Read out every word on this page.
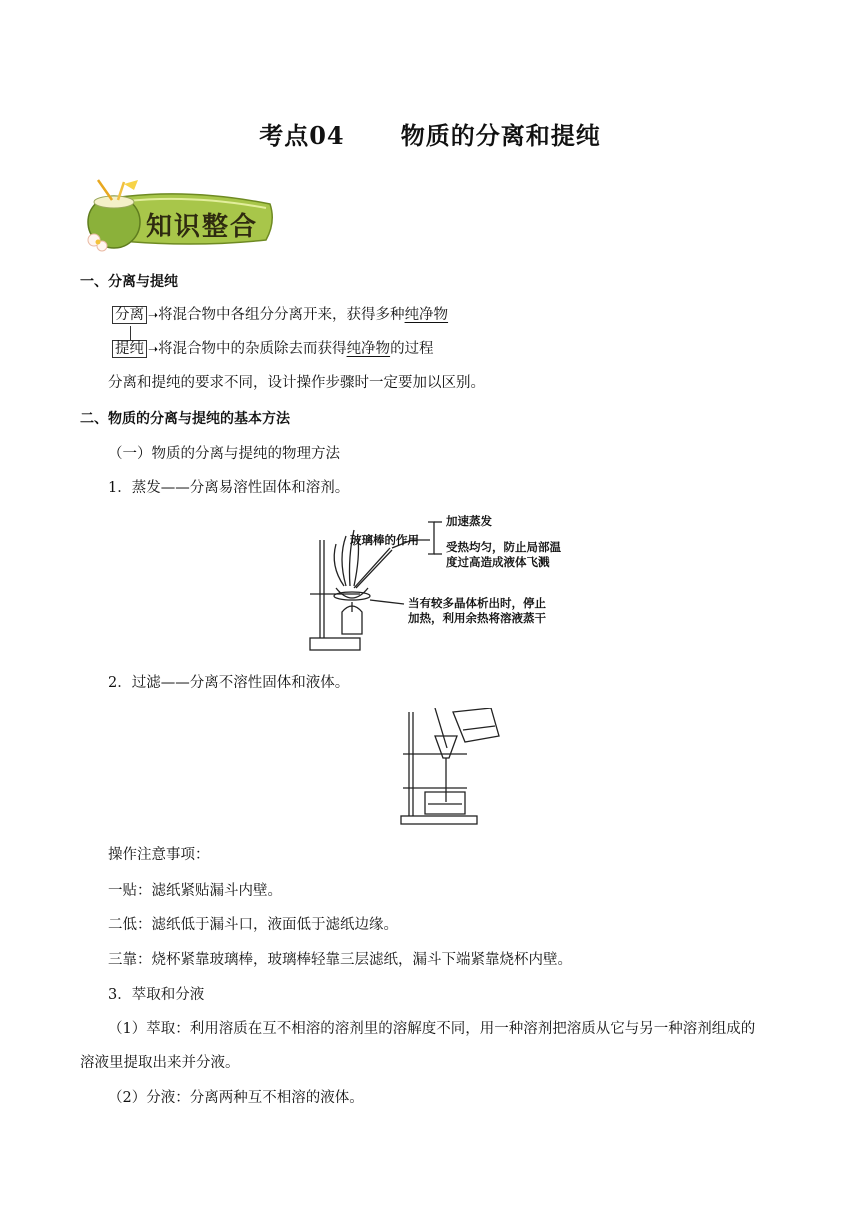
考点04      物质的分离和提纯
知识整合
一、分离与提纯
分离 ➝将混合物中各组分分离开来，获得多种纯净物
提纯 ➝将混合物中的杂质除去而获得纯净物的过程
分离和提纯的要求不同，设计操作步骤时一定要加以区别。
二、物质的分离与提纯的基本方法
（一）物质的分离与提纯的物理方法
1．蒸发——分离易溶性固体和溶剂。
玻璃棒的作用
加速蒸发
受热均匀，防止局部温
度过高造成液体飞溅
当有较多晶体析出时，停止
加热，利用余热将溶液蒸干
2．过滤——分离不溶性固体和液体。
操作注意事项：
一贴：滤纸紧贴漏斗内壁。
二低：滤纸低于漏斗口，液面低于滤纸边缘。
三靠：烧杯紧靠玻璃棒，玻璃棒轻靠三层滤纸，漏斗下端紧靠烧杯内壁。
3．萃取和分液
（1）萃取：利用溶质在互不相溶的溶剂里的溶解度不同，用一种溶剂把溶质从它与另一种溶剂组成的
溶液里提取出来并分液。
（2）分液：分离两种互不相溶的液体。
